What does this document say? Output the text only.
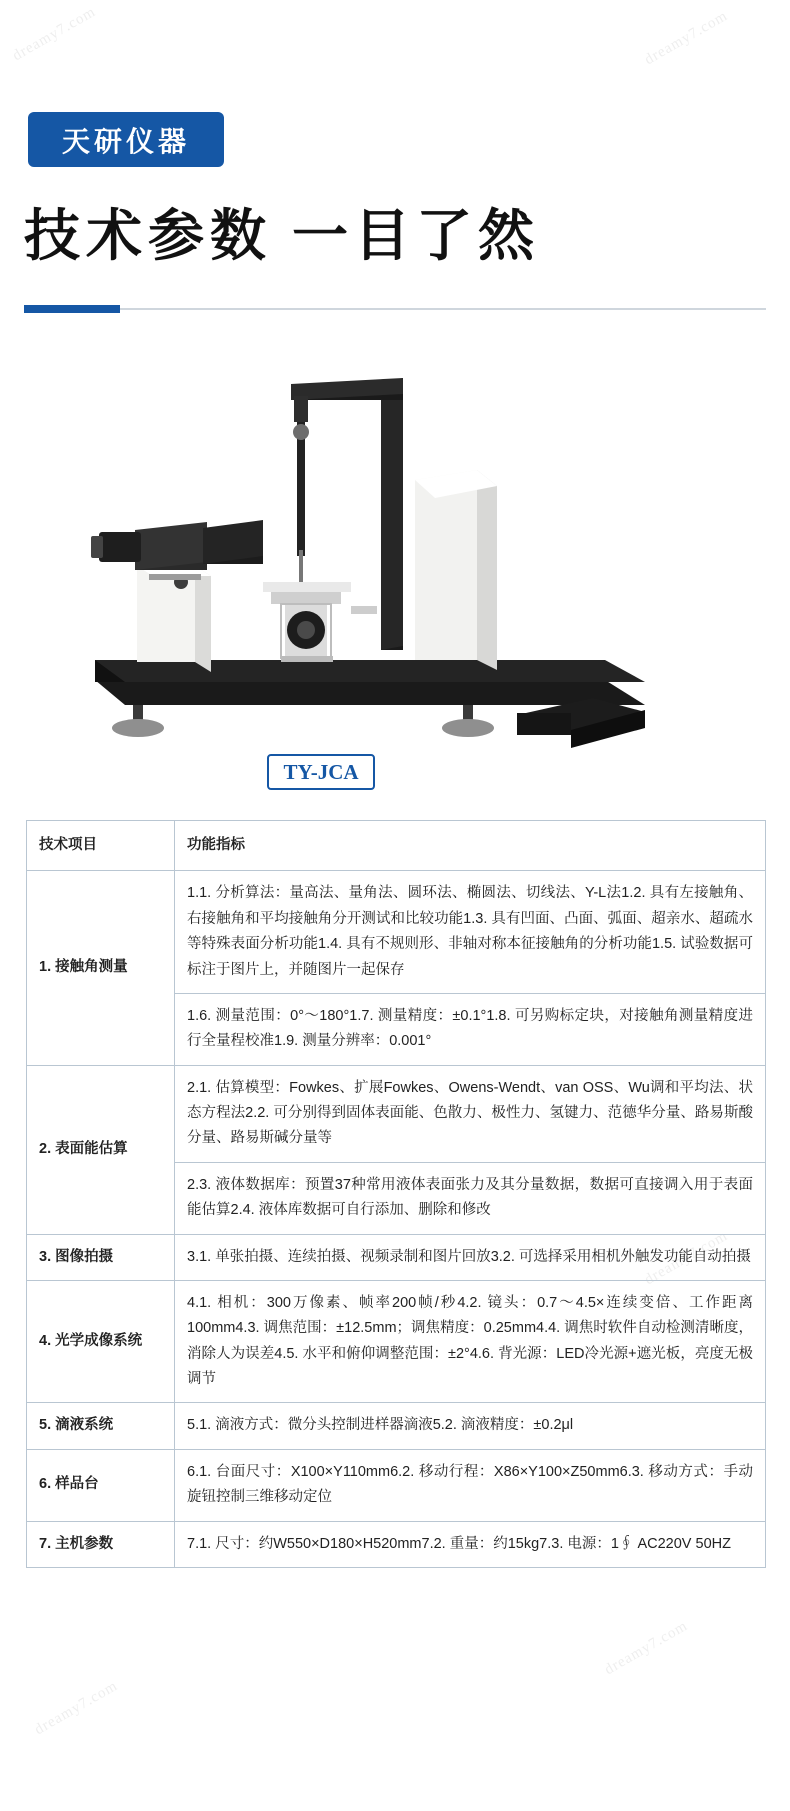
dreamy7.com	dreamy7.com
dreamy7.com
dreamy7.com
dreamy7.com
天研仪器
技术参数 一目了然
TY-JCA
技术项目	功能指标
1. 接触角测量	1.1. 分析算法：量高法、量角法、圆环法、椭圆法、切线法、Y-L法1.2. 具有左接触角、右接触角和平均接触角分开测试和比较功能1.3. 具有凹面、凸面、弧面、超亲水、超疏水等特殊表面分析功能1.4. 具有不规则形、非轴对称本征接触角的分析功能1.5. 试验数据可标注于图片上，并随图片一起保存
	1.6. 测量范围：0°～180°1.7. 测量精度：±0.1°1.8. 可另购标定块，对接触角测量精度进行全量程校准1.9. 测量分辨率：0.001°
2. 表面能估算	2.1. 估算模型：Fowkes、扩展Fowkes、Owens-Wendt、van OSS、Wu调和平均法、状态方程法2.2. 可分别得到固体表面能、色散力、极性力、氢键力、范德华分量、路易斯酸分量、路易斯碱分量等
	2.3. 液体数据库：预置37种常用液体表面张力及其分量数据，数据可直接调入用于表面能估算2.4. 液体库数据可自行添加、删除和修改
3. 图像拍摄	3.1. 单张拍摄、连续拍摄、视频录制和图片回放3.2. 可选择采用相机外触发功能自动拍摄
4. 光学成像系统	4.1. 相机：300万像素、帧率200帧/秒4.2. 镜头：0.7～4.5×连续变倍、工作距离100mm4.3. 调焦范围：±12.5mm；调焦精度：0.25mm4.4. 调焦时软件自动检测清晰度，消除人为误差4.5. 水平和俯仰调整范围：±2°4.6. 背光源：LED冷光源+遮光板，亮度无极调节
5. 滴液系统	5.1. 滴液方式：微分头控制进样器滴液5.2. 滴液精度：±0.2μl
6. 样品台	6.1. 台面尺寸：X100×Y110mm6.2. 移动行程：X86×Y100×Z50mm6.3. 移动方式：手动旋钮控制三维移动定位
7. 主机参数	7.1. 尺寸：约W550×D180×H520mm7.2. 重量：约15kg7.3. 电源：1∮ AC220V 50HZ
